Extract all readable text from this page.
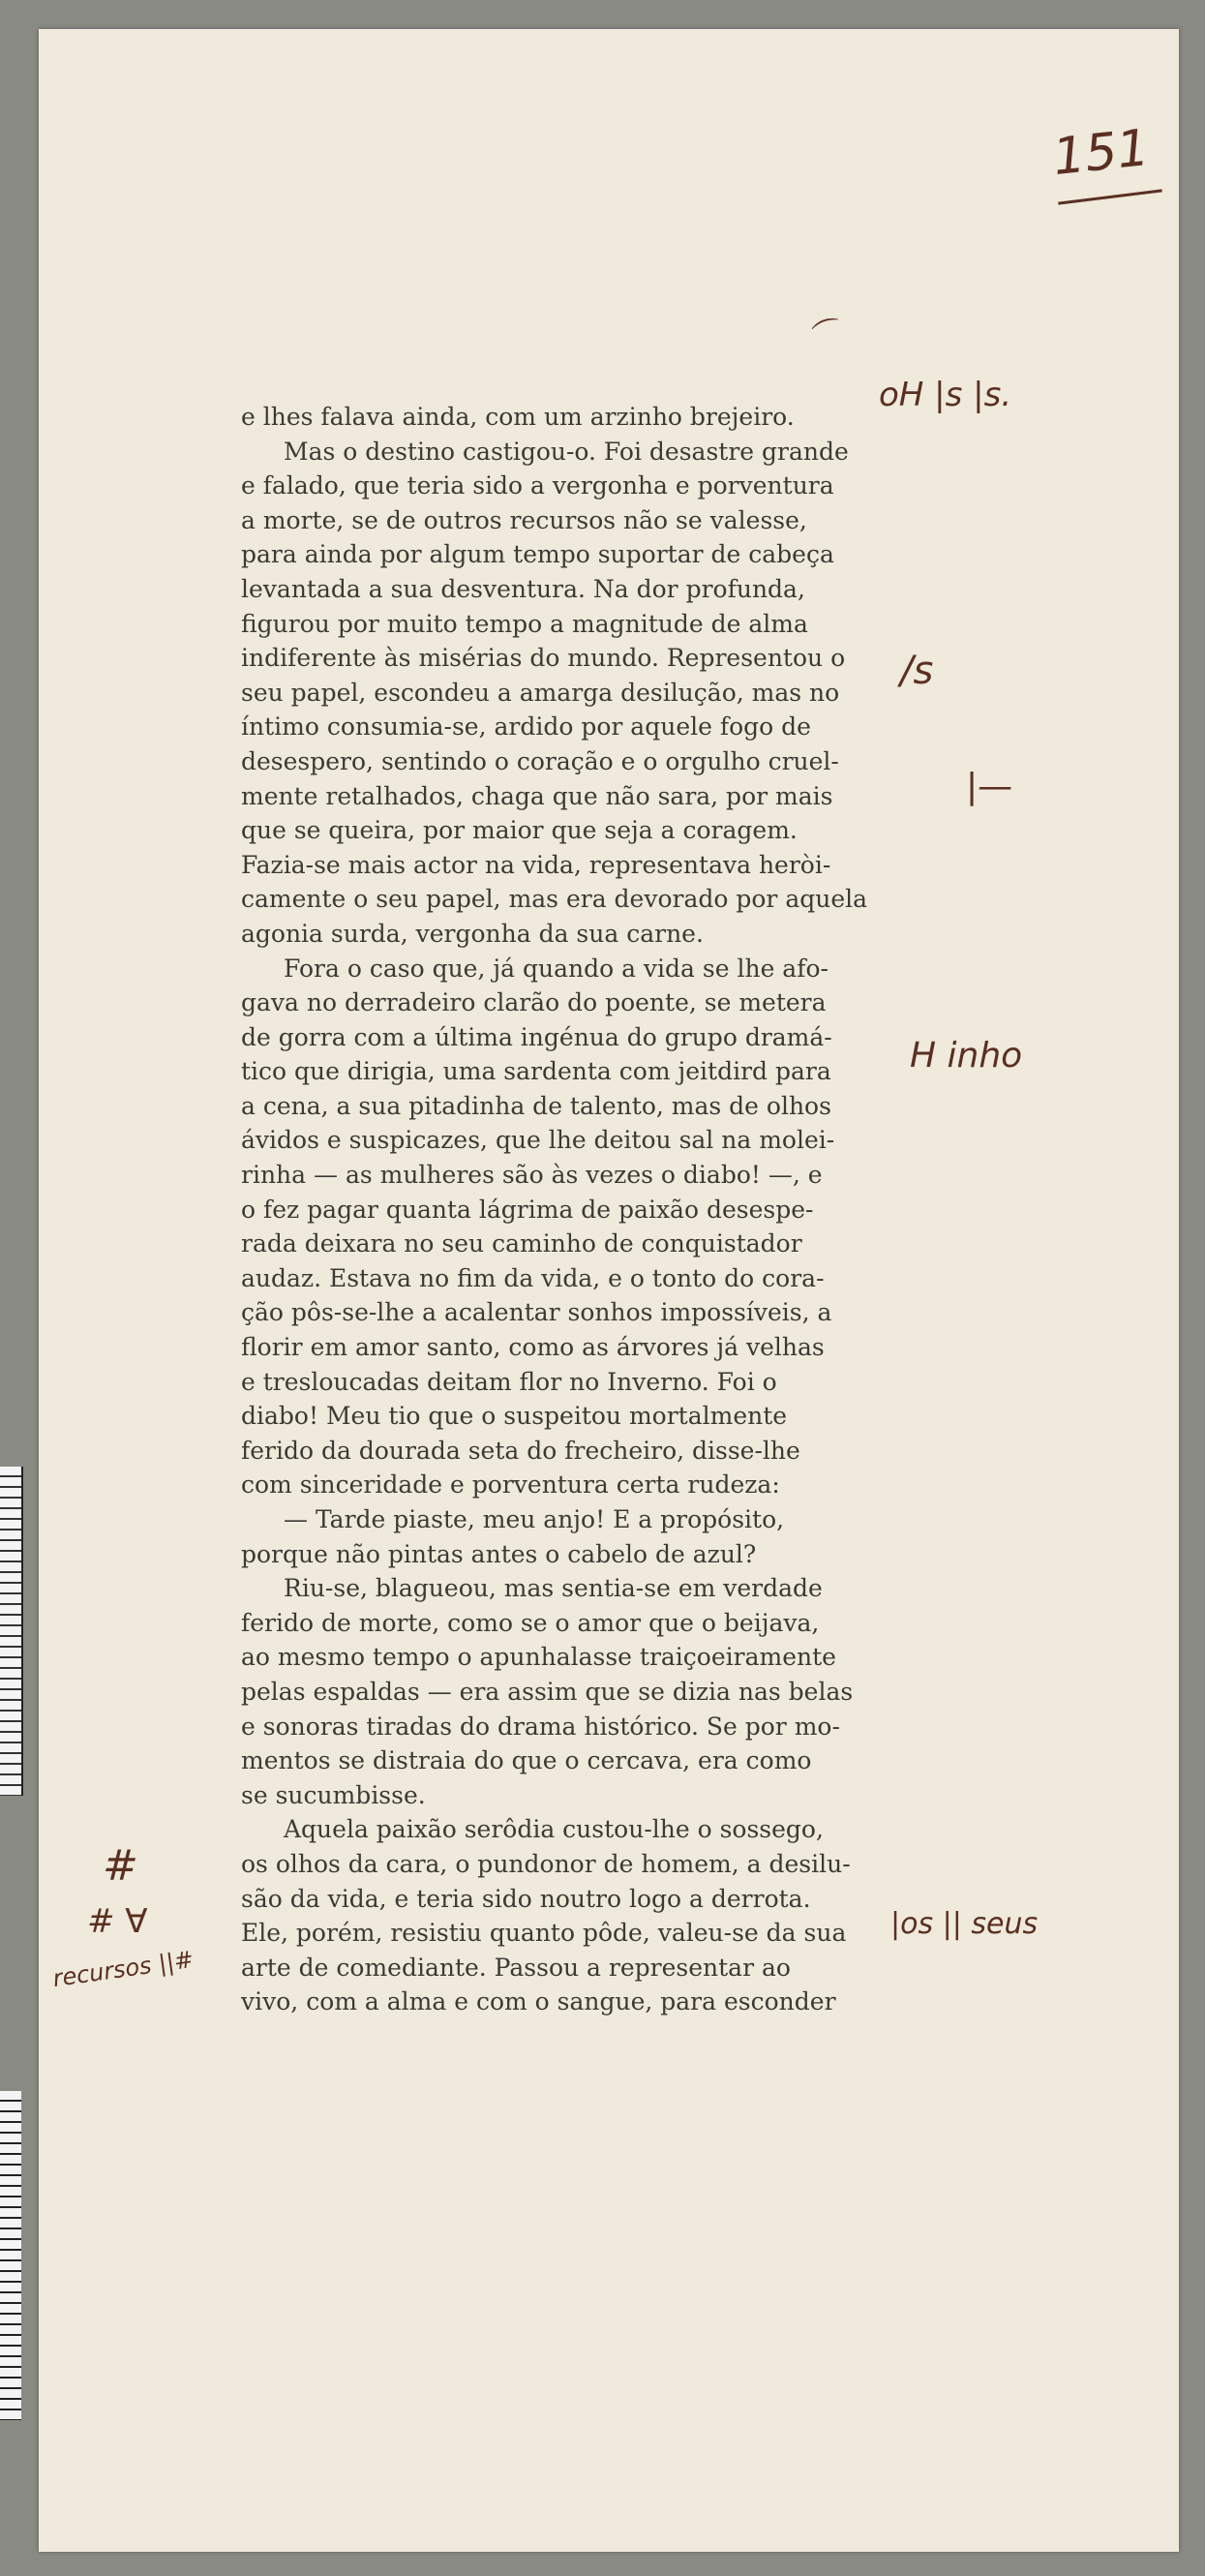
151
⌒
e lhes falava ainda, com um arzinho brejeiro.
Mas o destino castigou-o. Foi desastre grande
e falado, que teria sido a vergonha e porventura
a morte, se de outros recursos não se valesse,
para ainda por algum tempo suportar de cabeça
levantada a sua desventura. Na dor profunda,
figurou por muito tempo a magnitude de alma
indiferente às misérias do mundo. Representou o
seu papel, escondeu a amarga desilução, mas no
íntimo consumia-se, ardido por aquele fogo de
desespero, sentindo o coração e o orgulho cruel-
mente retalhados, chaga que não sara, por mais
que se queira, por maior que seja a coragem.
Fazia-se mais actor na vida, representava heròi-
camente o seu papel, mas era devorado por aquela
agonia surda, vergonha da sua carne.
Fora o caso que, já quando a vida se lhe afo-
gava no derradeiro clarão do poente, se metera
de gorra com a última ingénua do grupo dramá-
tico que dirigia, uma sardenta com jeitdird para
a cena, a sua pitadinha de talento, mas de olhos
ávidos e suspicazes, que lhe deitou sal na molei-
rinha — as mulheres são às vezes o diabo! —, e
o fez pagar quanta lágrima de paixão desespe-
rada deixara no seu caminho de conquistador
audaz. Estava no fim da vida, e o tonto do cora-
ção pôs-se-lhe a acalentar sonhos impossíveis, a
florir em amor santo, como as árvores já velhas
e tresloucadas deitam flor no Inverno. Foi o
diabo! Meu tio que o suspeitou mortalmente
ferido da dourada seta do frecheiro, disse-lhe
com sinceridade e porventura certa rudeza:
— Tarde piaste, meu anjo! E a propósito,
porque não pintas antes o cabelo de azul?
Riu-se, blagueou, mas sentia-se em verdade
ferido de morte, como se o amor que o beijava,
ao mesmo tempo o apunhalasse traiçoeiramente
pelas espaldas — era assim que se dizia nas belas
e sonoras tiradas do drama histórico. Se por mo-
mentos se distraia do que o cercava, era como
se sucumbisse.
Aquela paixão serôdia custou-lhe o sossego,
os olhos da cara, o pundonor de homem, a desilu-
são da vida, e teria sido noutro logo a derrota.
Ele, porém, resistiu quanto pôde, valeu-se da sua
arte de comediante. Passou a representar ao
vivo, com a alma e com o sangue, para esconder
oH |s |s.
/s
|—
H inho
|os || seus
#
# ∀
recursos ||#
